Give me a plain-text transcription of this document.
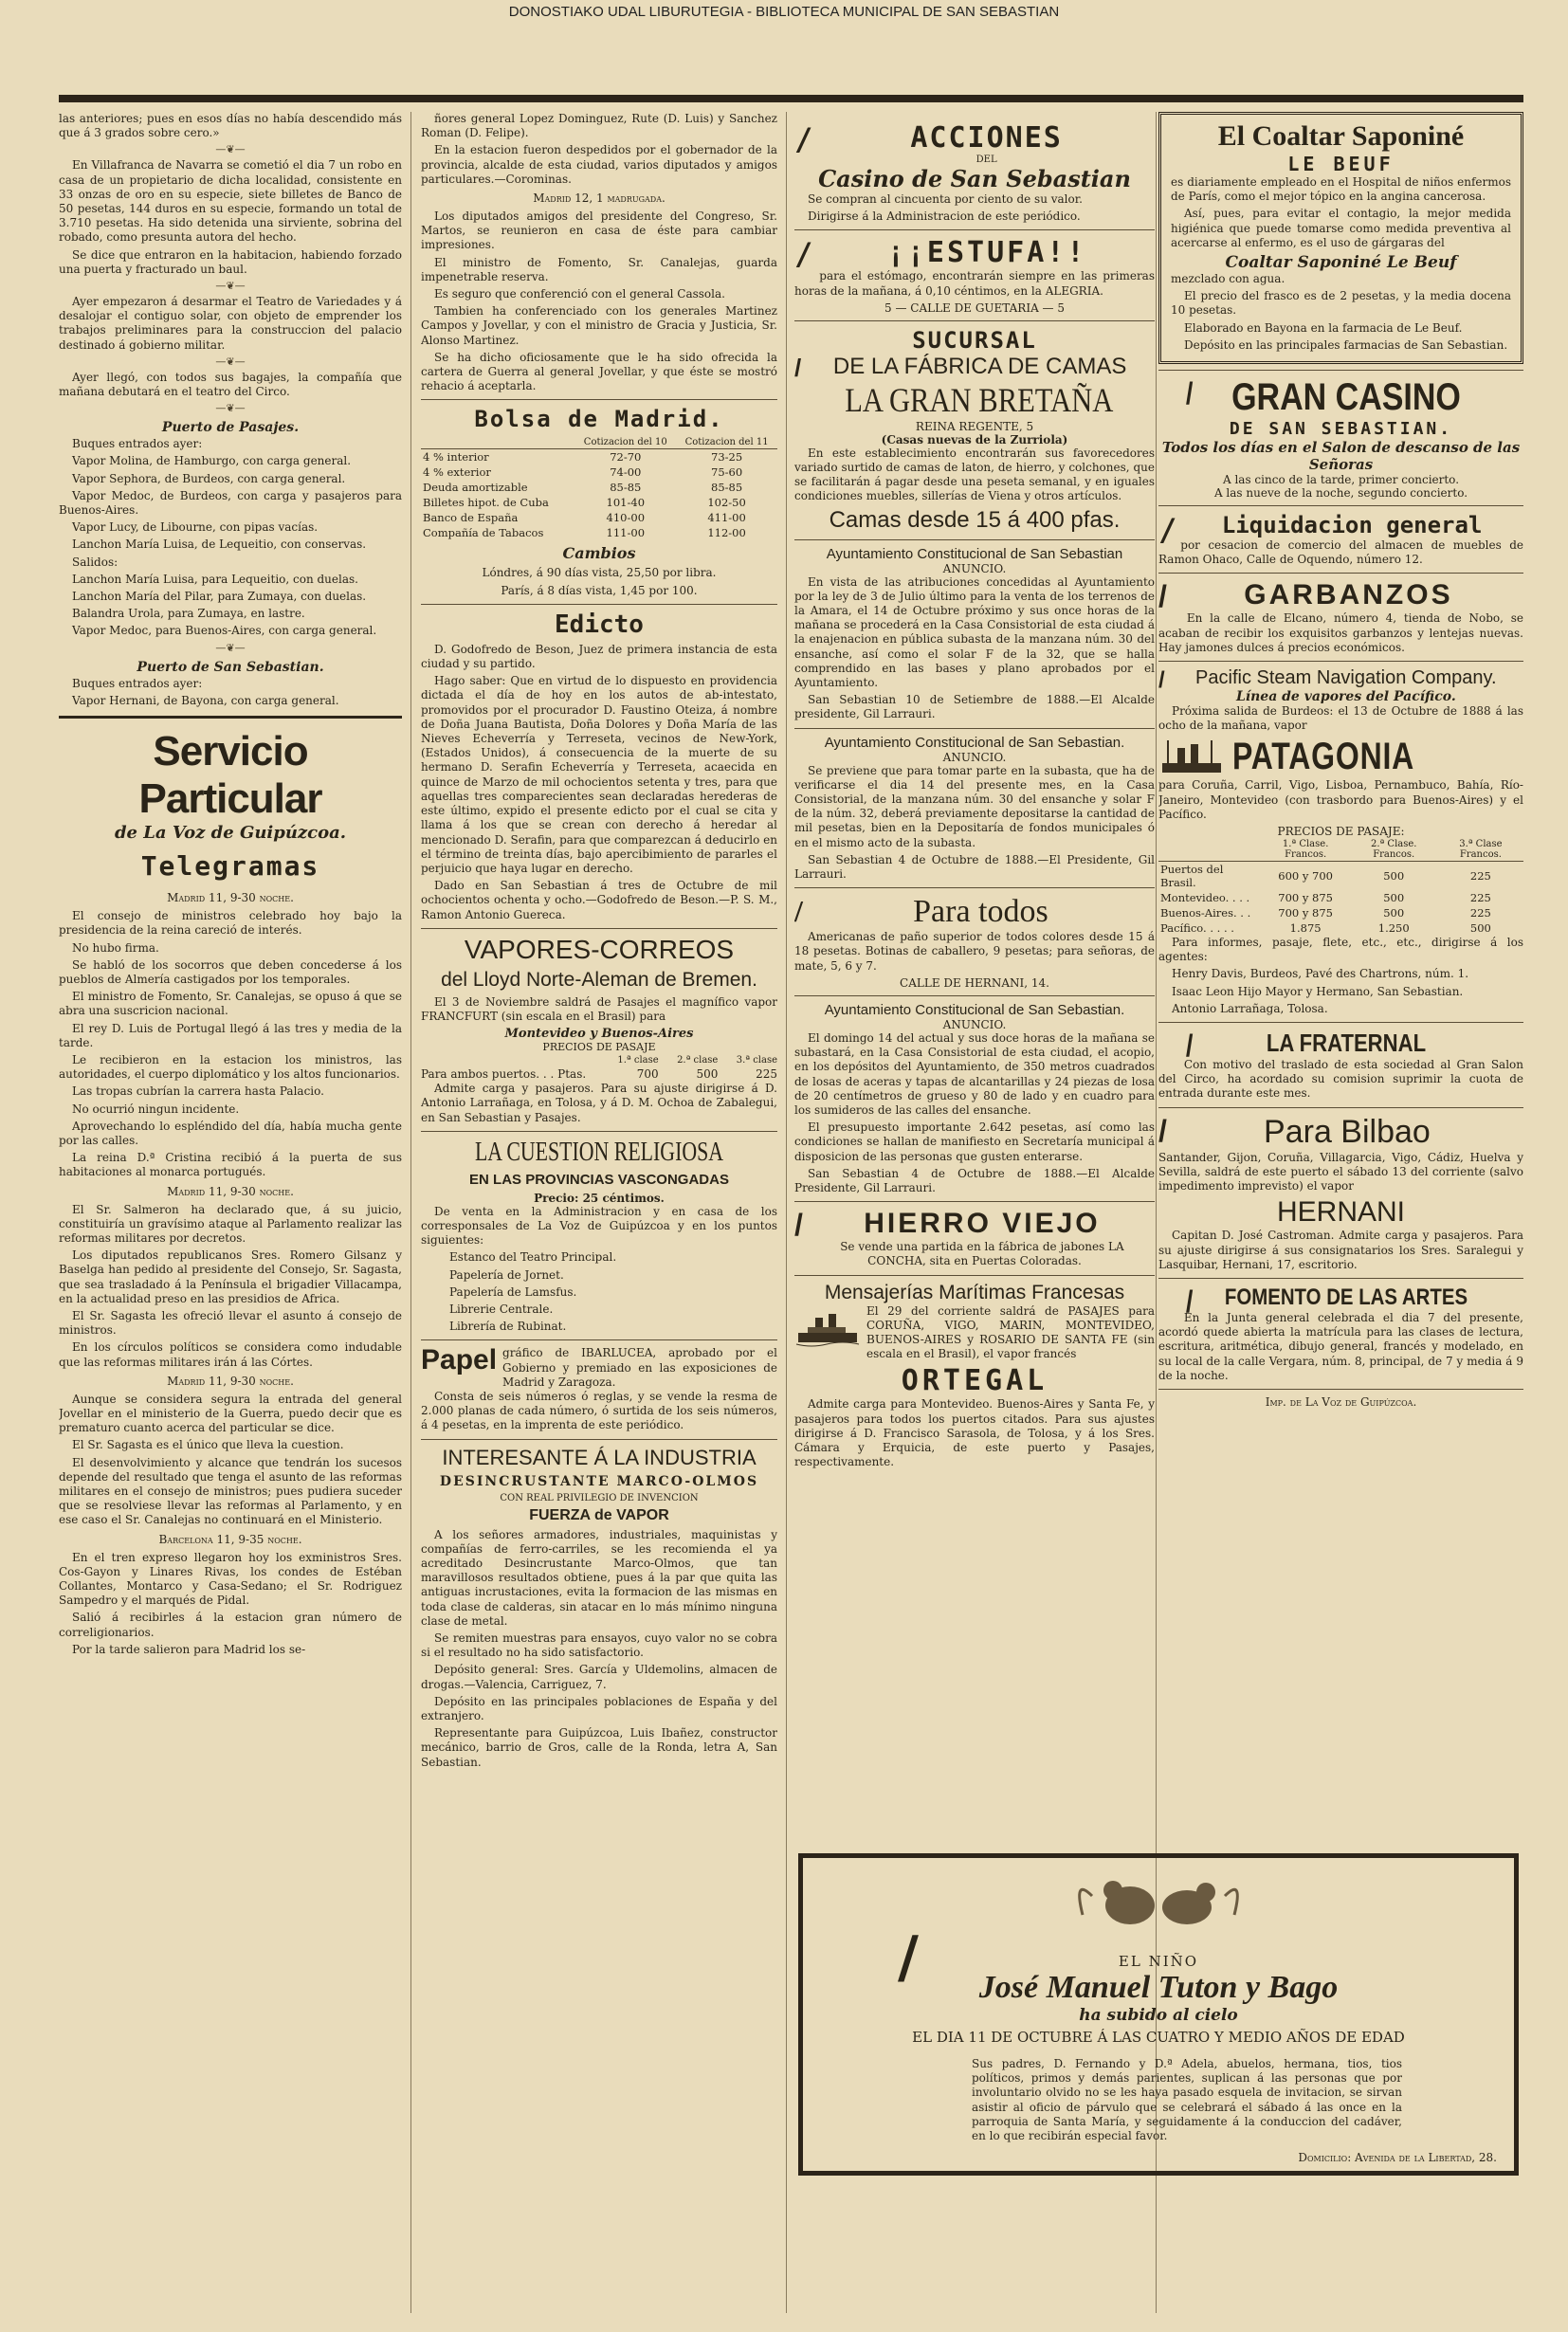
DONOSTIAKO UDAL LIBURUTEGIA - BIBLIOTECA MUNICIPAL DE SAN SEBASTIAN

las anteriores; pues en esos días no había descendido más que á 3 grados sobre cero.»

—❦—

En Villafranca de Navarra se cometió el dia 7 un robo en casa de un propietario de dicha localidad, consistente en 33 onzas de oro en su especie, siete billetes de Banco de 50 pesetas, 144 duros en su especie, formando un total de 3.710 pesetas. Ha sido detenida una sirviente, sobrina del robado, como presunta autora del hecho.

Se dice que entraron en la habitacion, habiendo forzado una puerta y fracturado un baul.

—❦—

Ayer empezaron á desarmar el Teatro de Variedades y á desalojar el contiguo solar, con objeto de emprender los trabajos preliminares para la construccion del palacio destinado á gobierno militar.

—❦—

Ayer llegó, con todos sus bagajes, la compañía que mañana debutará en el teatro del Circo.

—❦—
Puerto de Pasajes.

Buques entrados ayer:

Vapor Molina, de Hamburgo, con carga general.

Vapor Sephora, de Burdeos, con carga general.

Vapor Medoc, de Burdeos, con carga y pasajeros para Buenos-Aires.

Vapor Lucy, de Libourne, con pipas vacías.

Lanchon María Luisa, de Lequeitio, con conservas.

Salidos:

Lanchon María Luisa, para Lequeitio, con duelas.

Lanchon María del Pilar, para Zumaya, con duelas.

Balandra Urola, para Zumaya, en lastre.

Vapor Medoc, para Buenos-Aires, con carga general.

—❦—
Puerto de San Sebastian.

Buques entrados ayer:

Vapor Hernani, de Bayona, con carga general.

Servicio Particular
de La Voz de Guipúzcoa.
Telegramas
Madrid 11, 9-30 noche.

El consejo de ministros celebrado hoy bajo la presidencia de la reina careció de interés.

No hubo firma.

Se habló de los socorros que deben concederse á los pueblos de Almería castigados por los temporales.

El ministro de Fomento, Sr. Canalejas, se opuso á que se abra una suscricion nacional.

El rey D. Luis de Portugal llegó á las tres y media de la tarde.

Le recibieron en la estacion los ministros, las autoridades, el cuerpo diplomático y los altos funcionarios.

Las tropas cubrían la carrera hasta Palacio.

No ocurrió ningun incidente.

Aprovechando lo espléndido del día, había mucha gente por las calles.

La reina D.ª Cristina recibió á la puerta de sus habitaciones al monarca portugués.

Madrid 11, 9-30 noche.

El Sr. Salmeron ha declarado que, á su juicio, constituiría un gravísimo ataque al Parlamento realizar las reformas militares por decretos.

Los diputados republicanos Sres. Romero Gilsanz y Baselga han pedido al presidente del Consejo, Sr. Sagasta, que sea trasladado á la Península el brigadier Villacampa, en la actualidad preso en las presidios de Africa.

El Sr. Sagasta les ofreció llevar el asunto á consejo de ministros.

En los círculos políticos se considera como indudable que las reformas militares irán á las Córtes.

Madrid 11, 9-30 noche.

Aunque se considera segura la entrada del general Jovellar en el ministerio de la Guerra, puedo decir que es prematuro cuanto acerca del particular se dice.

El Sr. Sagasta es el único que lleva la cuestion.

El desenvolvimiento y alcance que tendrán los sucesos depende del resultado que tenga el asunto de las reformas militares en el consejo de ministros; pues pudiera suceder que se resolviese llevar las reformas al Parlamento, y en ese caso el Sr. Canalejas no continuará en el Ministerio.

Barcelona 11, 9-35 noche.

En el tren expreso llegaron hoy los exministros Sres. Cos-Gayon y Linares Rivas, los condes de Estéban Collantes, Montarco y Casa-Sedano; el Sr. Rodriguez Sampedro y el marqués de Pidal.

Salió á recibirles á la estacion gran número de correligionarios.

Por la tarde salieron para Madrid los se-

ñores general Lopez Dominguez, Rute (D. Luis) y Sanchez Roman (D. Felipe).

En la estacion fueron despedidos por el gobernador de la provincia, alcalde de esta ciudad, varios diputados y amigos particulares.—Corominas.

Madrid 12, 1 madrugada.

Los diputados amigos del presidente del Congreso, Sr. Martos, se reunieron en casa de éste para cambiar impresiones.

El ministro de Fomento, Sr. Canalejas, guarda impenetrable reserva.

Es seguro que conferenció con el general Cassola.

Tambien ha conferenciado con los generales Martinez Campos y Jovellar, y con el ministro de Gracia y Justicia, Sr. Alonso Martinez.

Se ha dicho oficiosamente que le ha sido ofrecida la cartera de Guerra al general Jovellar, y que éste se mostró rehacio á aceptarla.

Bolsa de Madrid.
	Cotizacion del 10	Cotizacion del 11
4 % interior	72-70	73-25
4 % exterior	74-00	75-60
Deuda amortizable	85-85	85-85
Billetes hipot. de Cuba	101-40	102-50
Banco de España	410-00	411-00
Compañía de Tabacos	111-00	112-00
Cambios

Lóndres, á 90 días vista, 25,50 por libra.

París, á 8 días vista, 1,45 por 100.

Edicto

D. Godofredo de Beson, Juez de primera instancia de esta ciudad y su partido.

Hago saber: Que en virtud de lo dispuesto en providencia dictada el día de hoy en los autos de ab-intestato, promovidos por el procurador D. Faustino Oteiza, á nombre de Doña Juana Bautista, Doña Dolores y Doña María de las Nieves Echeverría y Terreseta, vecinos de New-York, (Estados Unidos), á consecuencia de la muerte de su hermano D. Serafin Echeverría y Terreseta, acaecida en quince de Marzo de mil ochocientos setenta y tres, para que aquellas tres comparecientes sean declaradas herederas de este último, expido el presente edicto por el cual se cita y llama á los que se crean con derecho á heredar al mencionado D. Serafin, para que comparezcan á deducirlo en el término de treinta días, bajo apercibimiento de pararles el perjuicio que haya lugar en derecho.

Dado en San Sebastian á tres de Octubre de mil ochocientos ochenta y ocho.—Godofredo de Beson.—P. S. M., Ramon Antonio Guereca.

VAPORES-CORREOS
del Lloyd Norte-Aleman de Bremen.

El 3 de Noviembre saldrá de Pasajes el magnífico vapor FRANCFURT (sin escala en el Brasil) para

Montevideo y Buenos-Aires
PRECIOS DE PASAJE
1.ª clase	2.ª clase	3.ª clase
Para ambos puertos. . . Ptas.	700	500	225

Admite carga y pasajeros. Para su ajuste dirigirse á D. Antonio Larrañaga, en Tolosa, y á D. M. Ochoa de Zabalegui, en San Sebastian y Pasajes.

LA CUESTION RELIGIOSA
EN LAS PROVINCIAS VASCONGADAS
Precio: 25 céntimos.

De venta en la Administracion y en casa de los corresponsales de La Voz de Guipúzcoa y en los puntos siguientes:

Estanco del Teatro Principal.

Papelería de Jornet.

Papelería de Lamsfus.

Librerie Centrale.

Librería de Rubinat.

Papel gráfico de IBARLUCEA, aprobado por el Gobierno y premiado en las exposiciones de Madrid y Zaragoza.

Consta de seis números ó reglas, y se vende la resma de 2.000 planas de cada número, ó surtida de los seis números, á 4 pesetas, en la imprenta de este periódico.

INTERESANTE Á LA INDUSTRIA
DESINCRUSTANTE MARCO-OLMOS
CON REAL PRIVILEGIO DE INVENCION
FUERZA de VAPOR

A los señores armadores, industriales, maquinistas y compañías de ferro-carriles, se les recomienda el ya acreditado Desincrustante Marco-Olmos, que tan maravillosos resultados obtiene, pues á la par que quita las antiguas incrustaciones, evita la formacion de las mismas en toda clase de calderas, sin atacar en lo más mínimo ninguna clase de metal.

Se remiten muestras para ensayos, cuyo valor no se cobra si el resultado no ha sido satisfactorio.

Depósito general: Sres. García y Uldemolins, almacen de drogas.—Valencia, Carriguez, 7.

Depósito en las principales poblaciones de España y del extranjero.

Representante para Guipúzcoa, Luis Ibañez, constructor mecánico, barrio de Gros, calle de la Ronda, letra A, San Sebastian.

/	ACCIONES
DEL
Casino de San Sebastian

Se compran al cincuenta por ciento de su valor.

Dirigirse á la Administracion de este periódico.

/	¡¡ESTUFA!!

para el estómago, encontrarán siempre en las primeras horas de la mañana, á 0,10 céntimos, en la ALEGRIA.

5 — CALLE DE GUETARIA — 5
SUCURSAL
/ DE LA FÁBRICA DE CAMAS
LA GRAN BRETAÑA
REINA REGENTE, 5
(Casas nuevas de la Zurriola)

En este establecimiento encontrarán sus favorecedores variado surtido de camas de laton, de hierro, y colchones, que se facilitarán á pagar desde una peseta semanal, y en iguales condiciones muebles, sillerías de Viena y otros artículos.

Camas desde 15 á 400 pfas.
Ayuntamiento Constitucional de San Sebastian
ANUNCIO.

En vista de las atribuciones concedidas al Ayuntamiento por la ley de 3 de Julio último para la venta de los terrenos de la Amara, el 14 de Octubre próximo y sus once horas de la mañana se procederá en la Casa Consistorial de esta ciudad á la enajenacion en pública subasta de la manzana núm. 30 del ensanche, así como el solar F de la 32, que se halla comprendido en las bases y plano aprobados por el Ayuntamiento.

San Sebastian 10 de Setiembre de 1888.—El Alcalde presidente, Gil Larrauri.

Ayuntamiento Constitucional de San Sebastian.
ANUNCIO.

Se previene que para tomar parte en la subasta, que ha de verificarse el dia 14 del presente mes, en la Casa Consistorial, de la manzana núm. 30 del ensanche y solar F de la núm. 32, deberá previamente depositarse la cantidad de mil pesetas, bien en la Depositaría de fondos municipales ó en el mismo acto de la subasta.

San Sebastian 4 de Octubre de 1888.—El Presidente, Gil Larrauri.

/	Para todos

Americanas de paño superior de todos colores desde 15 á 18 pesetas. Botinas de caballero, 9 pesetas; para señoras, de mate, 5, 6 y 7.

CALLE DE HERNANI, 14.
Ayuntamiento Constitucional de San Sebastian.
ANUNCIO.

El domingo 14 del actual y sus doce horas de la mañana se subastará, en la Casa Consistorial de esta ciudad, el acopio, en los depósitos del Ayuntamiento, de 350 metros cuadrados de losas de aceras y tapas de alcantarillas y 24 piezas de losa de 20 centímetros de grueso y 80 de lado y en cuadro para los sumideros de las calles del ensanche.

El presupuesto importante 2.642 pesetas, así como las condiciones se hallan de manifiesto en Secretaría municipal á disposicion de las personas que gusten enterarse.

San Sebastian 4 de Octubre de 1888.—El Alcalde Presidente, Gil Larrauri.

/ HIERRO VIEJO

Se vende una partida en la fábrica de jabones LA CONCHA, sita en Puertas Coloradas.

Mensajerías Marítimas Francesas

El 29 del corriente saldrá de PASAJES para CORUÑA, VIGO, MARIN, MONTEVIDEO, BUENOS-AIRES y ROSARIO DE SANTA FE (sin escala en el Brasil), el vapor francés

ORTEGAL

Admite carga para Montevideo. Buenos-Aires y Santa Fe, y pasajeros para todos los puertos citados. Para sus ajustes dirigirse á D. Francisco Sarasola, de Tolosa, y á los Sres. Cámara y Erquicia, de este puerto y Pasajes, respectivamente.

El Coaltar Saponiné
LE BEUF

es diariamente empleado en el Hospital de niños enfermos de París, como el mejor tópico en la angina cancerosa.

Así, pues, para evitar el contagio, la mejor medida higiénica que puede tomarse como medida preventiva al acercarse al enfermo, es el uso de gárgaras del

Coaltar Saponiné Le Beuf

mezclado con agua.

El precio del frasco es de 2 pesetas, y la media docena 10 pesetas.

Elaborado en Bayona en la farmacia de Le Beuf.

Depósito en las principales farmacias de San Sebastian.

/ GRAN CASINO
DE SAN SEBASTIAN.
Todos los días en el Salon de descanso de las Señoras
A las cinco de la tarde, primer concierto.
A las nueve de la noche, segundo concierto.
/ Liquidacion general

por cesacion de comercio del almacen de muebles de Ramon Ohaco, Calle de Oquendo, número 12.

/	GARBANZOS

En la calle de Elcano, número 4, tienda de Nobo, se acaban de recibir los exquisitos garbanzos y lentejas nuevas. Hay jamones dulces á precios económicos.

/ Pacific Steam Navigation Company.
Línea de vapores del Pacífico.

Próxima salida de Burdeos: el 13 de Octubre de 1888 á las ocho de la mañana, vapor

PATAGONIA

para Coruña, Carril, Vigo, Lisboa, Pernambuco, Bahía, Río-Janeiro, Montevideo (con trasbordo para Buenos-Aires) y el Pacífico.

PRECIOS DE PASAJE:
	1.ª Clase. Francos.	2.ª Clase. Francos.	3.ª Clase Francos.
Puertos del Brasil.	600 y 700	500	225
Montevideo. . . .	700 y 875	500	225
Buenos-Aires. . .	700 y 875	500	225
Pacífico. . . . .	1.875	1.250	500

Para informes, pasaje, flete, etc., etc., dirigirse á los agentes:

Henry Davis, Burdeos, Pavé des Chartrons, núm. 1.

Isaac Leon Hijo Mayor y Hermano, San Sebastian.

Antonio Larrañaga, Tolosa.

/	LA FRATERNAL

Con motivo del traslado de esta sociedad al Gran Salon del Circo, ha acordado su comision suprimir la cuota de entrada durante este mes.

/	Para Bilbao

Santander, Gijon, Coruña, Villagarcia, Vigo, Cádiz, Huelva y Sevilla, saldrá de este puerto el sábado 13 del corriente (salvo impedimento imprevisto) el vapor

HERNANI

Capitan D. José Castroman. Admite carga y pasajeros. Para su ajuste dirigirse á sus consignatarios los Sres. Saralegui y Lasquibar, Hernani, 17, escritorio.

/ FOMENTO DE LAS ARTES

En la Junta general celebrada el dia 7 del presente, acordó quede abierta la matrícula para las clases de lectura, escritura, aritmética, dibujo general, francés y modelado, en su local de la calle Vergara, núm. 8, principal, de 7 y media á 9 de la noche.

Imp. de La Voz de Guipúzcoa.
/	EL NIÑO
José Manuel Tuton y Bago
ha subido al cielo
EL DIA 11 DE OCTUBRE Á LAS CUATRO Y MEDIO AÑOS DE EDAD

Sus padres, D. Fernando y D.ª Adela, abuelos, hermana, tios, tios políticos, primos y demás parientes, suplican á las personas que por involuntario olvido no se les haya pasado esquela de invitacion, se sirvan asistir al oficio de párvulo que se celebrará el sábado á las once en la parroquia de Santa María, y seguidamente á la conduccion del cadáver, en lo que recibirán especial favor.

Domicilio: Avenida de la Libertad, 28.
